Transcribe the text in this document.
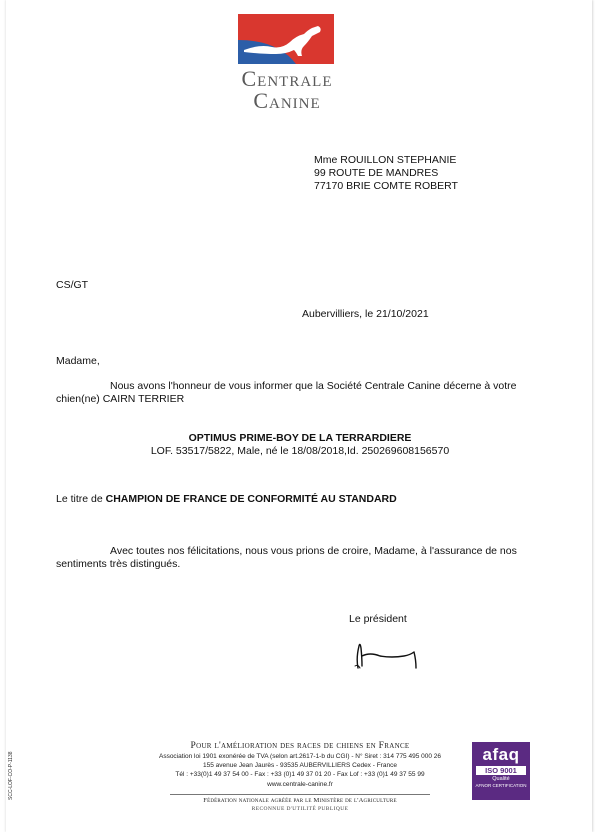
Centrale
Canine
Mme ROUILLON STEPHANIE
99 ROUTE DE MANDRES
77170 BRIE COMTE ROBERT
CS/GT
Aubervilliers, le 21/10/2021
Madame,
Nous avons l'honneur de vous informer que la Société Centrale Canine décerne à votre chien(ne) CAIRN TERRIER
OPTIMUS PRIME-BOY DE LA TERRARDIERE
LOF. 53517/5822, Male, né le 18/08/2018,Id. 250269608156570
Le titre de CHAMPION DE FRANCE DE CONFORMITÉ AU STANDARD
Avec toutes nos félicitations, nous vous prions de croire, Madame, à l'assurance de nos sentiments très distingués.
Le président
Pour l'amélioration des races de chiens en France
Association loi 1901 exonérée de TVA (selon art.2617-1-b du CGI) - N° Siret : 314 775 495 000 26
155 avenue Jean Jaurès - 93535 AUBERVILLIERS Cedex - France
Tél : +33(0)1 49 37 54 00 - Fax : +33 (0)1 49 37 01 20 - Fax Lof : +33 (0)1 49 37 55 99
www.centrale-canine.fr
Fédération nationale agréée par le Ministère de l'Agriculture
RECONNUE D'UTILITÉ PUBLIQUE
SCC-LOF-CO-P-1138	afaq
ISO 9001
Qualité
AFNOR CERTIFICATION
